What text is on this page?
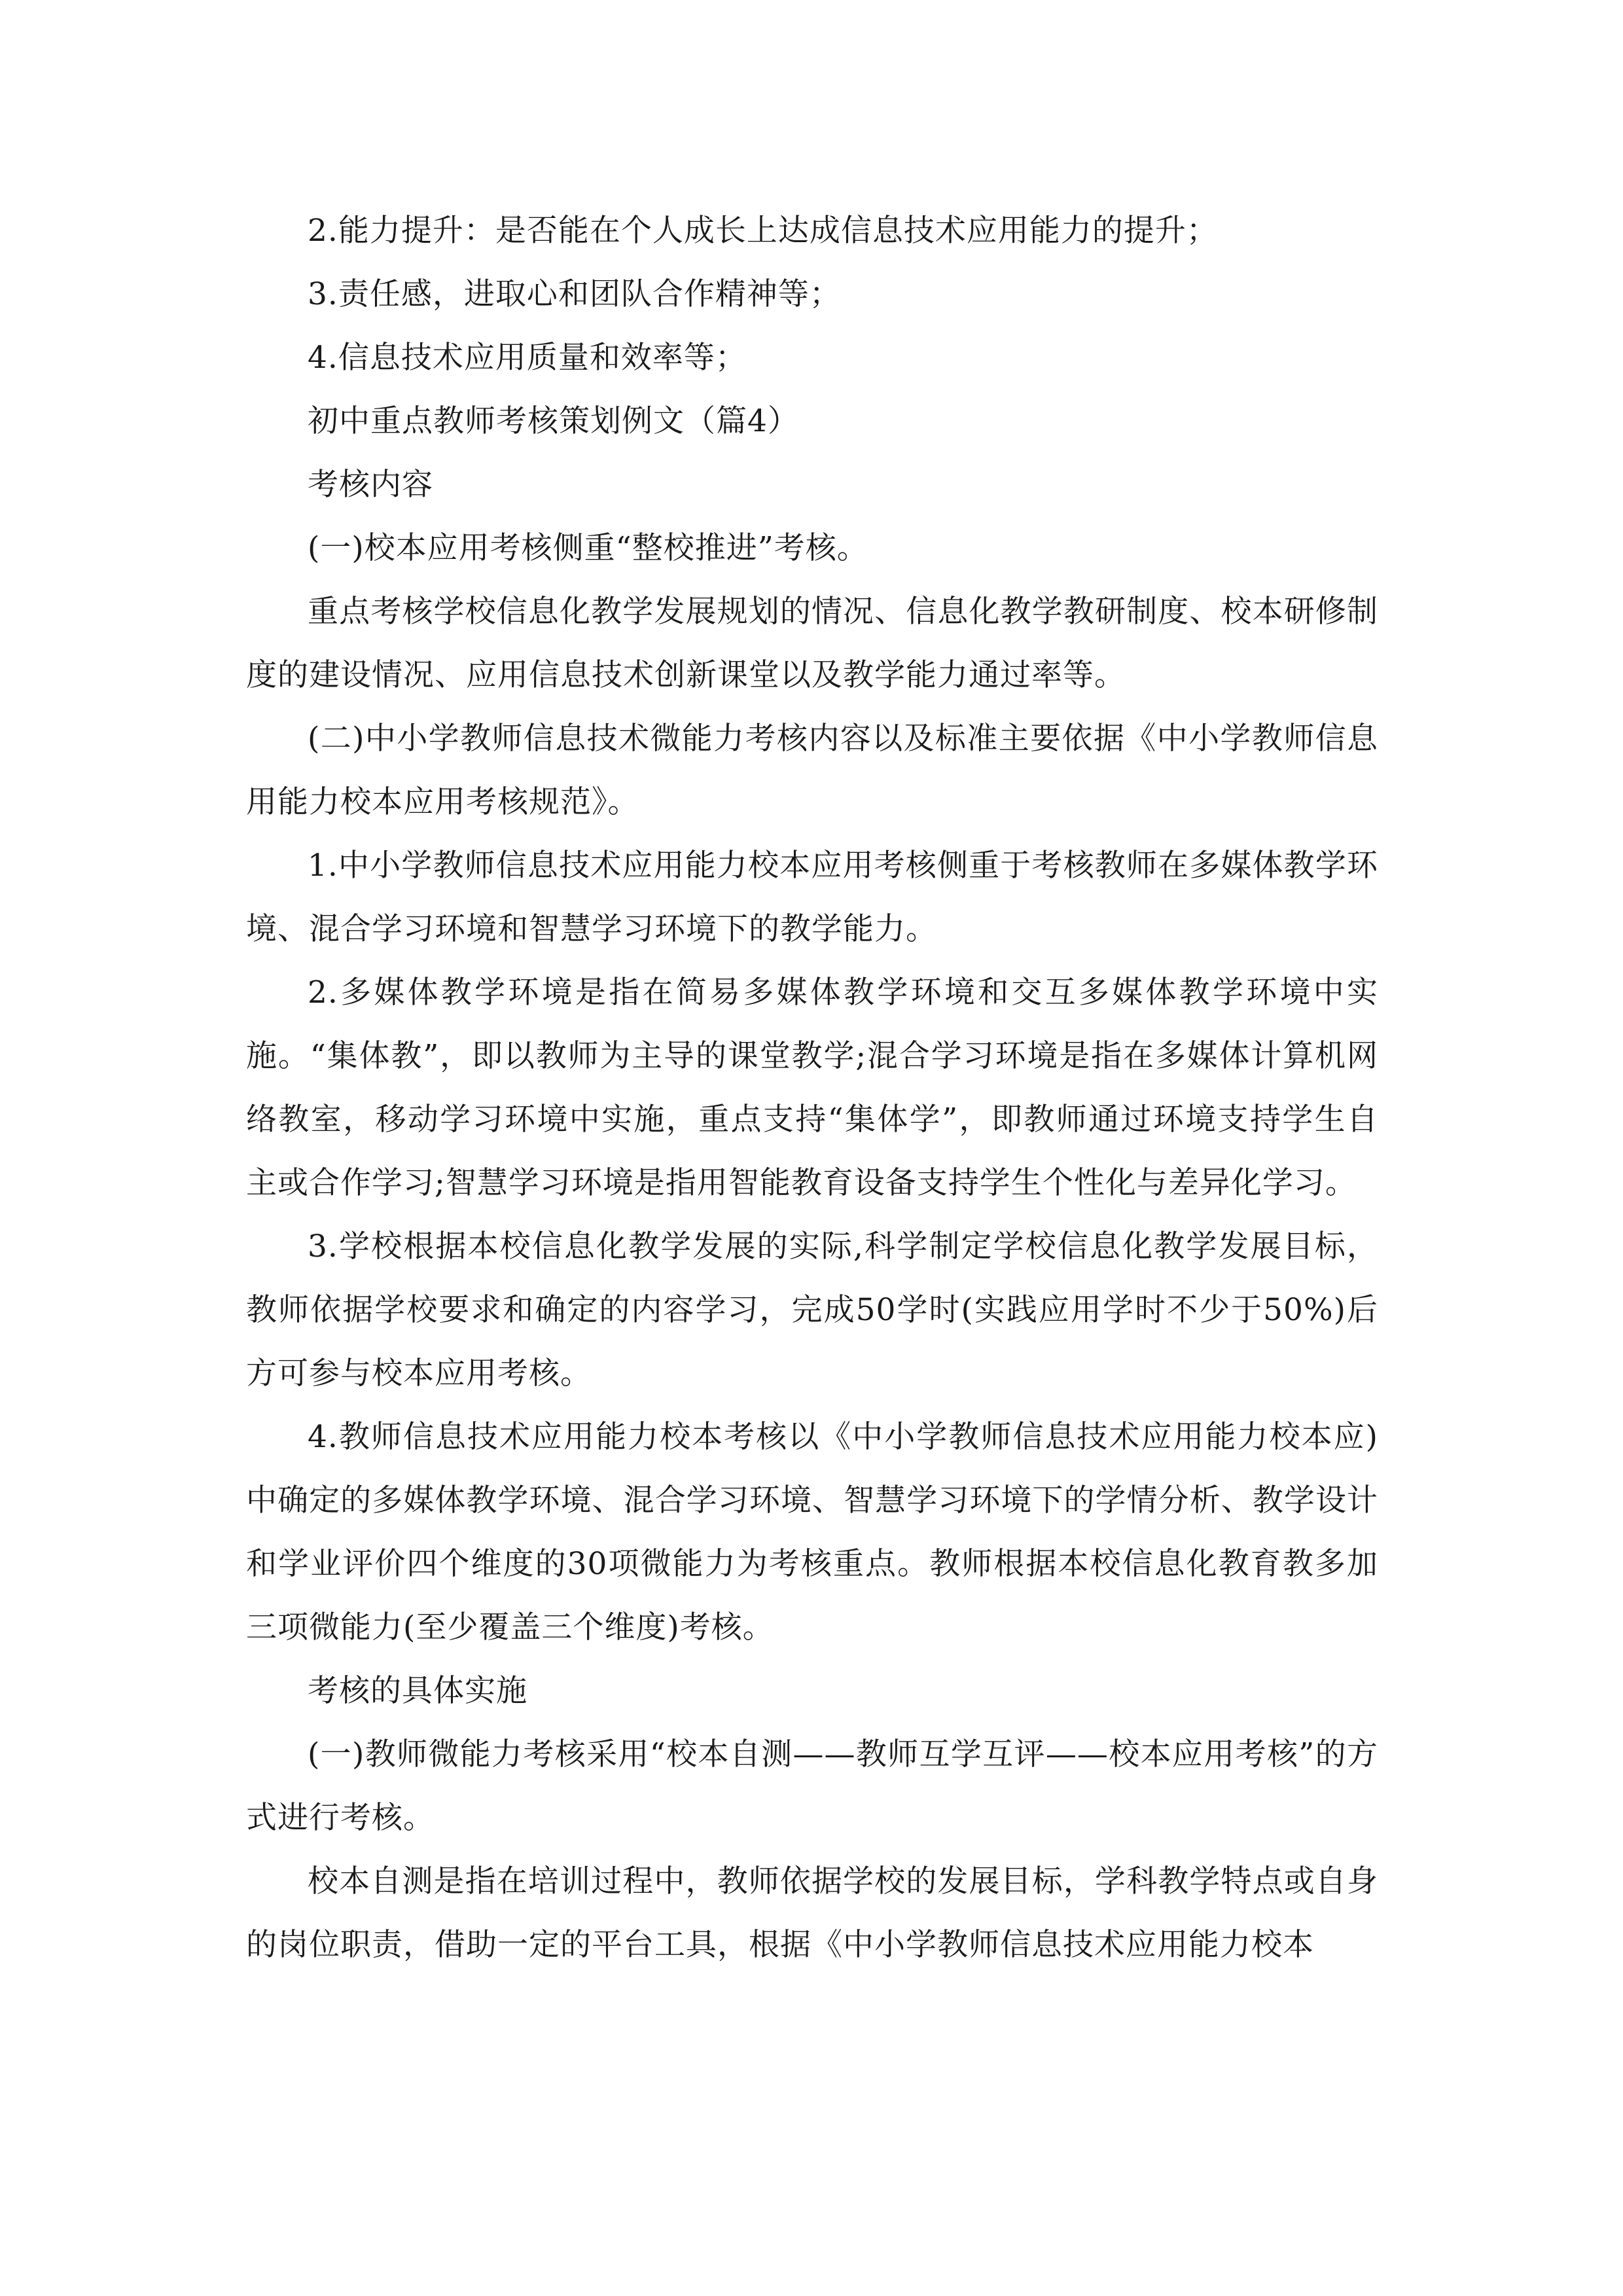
2.能力提升：是否能在个人成长上达成信息技术应用能力的提升；

3.责任感，进取心和团队合作精神等；

4.信息技术应用质量和效率等；

初中重点教师考核策划例文（篇4）

考核内容

(一)校本应用考核侧重“整校推进”考核。

重点考核学校信息化教学发展规划的情况、信息化教学教研制度、校本研修制度的建设情况、应用信息技术创新课堂以及教学能力通过率等。

(二)中小学教师信息技术微能力考核内容以及标准主要依据《中小学教师信息用能力校本应用考核规范》。

1.中小学教师信息技术应用能力校本应用考核侧重于考核教师在多媒体教学环境、混合学习环境和智慧学习环境下的教学能力。

2.多媒体教学环境是指在简易多媒体教学环境和交互多媒体教学环境中实施。“集体教”，即以教师为主导的课堂教学;混合学习环境是指在多媒体计算机网络教室，移动学习环境中实施，重点支持“集体学”，即教师通过环境支持学生自主或合作学习;智慧学习环境是指用智能教育设备支持学生个性化与差异化学习。

3.学校根据本校信息化教学发展的实际,科学制定学校信息化教学发展目标，教师依据学校要求和确定的内容学习，完成50学时(实践应用学时不少于50%)后方可参与校本应用考核。

4.教师信息技术应用能力校本考核以《中小学教师信息技术应用能力校本应)中确定的多媒体教学环境、混合学习环境、智慧学习环境下的学情分析、教学设计和学业评价四个维度的30项微能力为考核重点。教师根据本校信息化教育教多加三项微能力(至少覆盖三个维度)考核。

考核的具体实施

(一)教师微能力考核采用“校本自测——教师互学互评——校本应用考核”的方式进行考核。

校本自测是指在培训过程中，教师依据学校的发展目标，学科教学特点或自身的岗位职责，借助一定的平台工具，根据《中小学教师信息技术应用能力校本
